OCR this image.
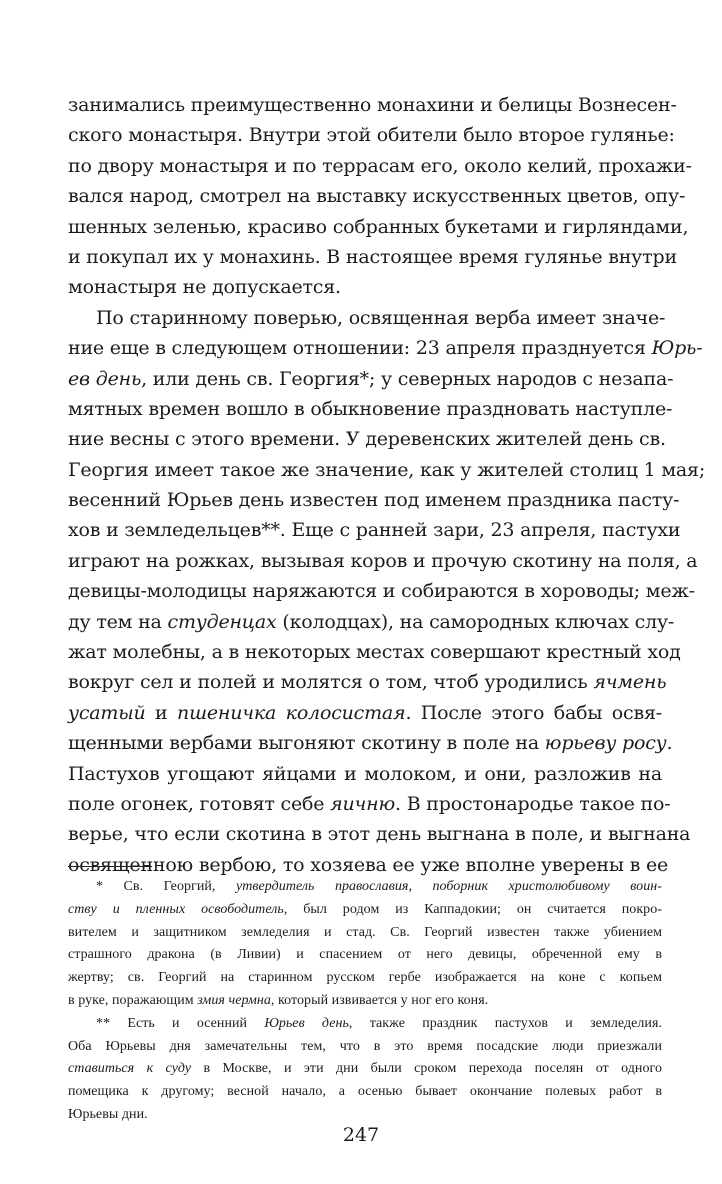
занимались преимущественно монахини и белицы Вознесен-
ского монастыря. Внутри этой обители было второе гулянье:
по двору монастыря и по террасам его, около келий, прохажи-
вался народ, смотрел на выставку искусственных цветов, опу-
шенных зеленью, красиво собранных букетами и гирляндами,
и покупал их у монахинь. В настоящее время гулянье внутри
монастыря не допускается.
По старинному поверью, освященная верба имеет значе-
ние еще в следующем отношении: 23 апреля празднуется Юрь-
ев день, или день св. Георгия*; у северных народов с незапа-
мятных времен вошло в обыкновение праздновать наступле-
ние весны с этого времени. У деревенских жителей день св.
Георгия имеет такое же значение, как у жителей столиц 1 мая;
весенний Юрьев день известен под именем праздника пасту-
хов и земледельцев**. Еще с ранней зари, 23 апреля, пастухи
играют на рожках, вызывая коров и прочую скотину на поля, а
девицы-молодицы наряжаются и собираются в хороводы; меж-
ду тем на студенцах (колодцах), на самородных ключах слу-
жат молебны, а в некоторых местах совершают крестный ход
вокруг сел и полей и молятся о том, чтоб уродились ячмень
усатый и пшеничка колосистая. После этого бабы освя-
щенными вербами выгоняют скотину в поле на юрьеву росу.
Пастухов угощают яйцами и молоком, и они, разложив на
поле огонек, готовят себе яичню. В простонародье такое по-
верье, что если скотина в этот день выгнана в поле, и выгнана
освященною вербою, то хозяева ее уже вполне уверены в ее
* Св. Георгий, утвердитель православия, поборник христолюбивому воин-
ству и пленных освободитель, был родом из Каппадокии; он считается покро-
вителем и защитником земледелия и стад. Св. Георгий известен также убиением
страшного дракона (в Ливии) и спасением от него девицы, обреченной ему в
жертву; св. Георгий на старинном русском гербе изображается на коне с копьем
в руке, поражающим змия чермна, который извивается у ног его коня.
** Есть и осенний Юрьев день, также праздник пастухов и земледелия.
Оба Юрьевы дня замечательны тем, что в это время посадские люди приезжали
ставиться к суду в Москве, и эти дни были сроком перехода поселян от одного
помещика к другому; весной начало, а осенью бывает окончание полевых работ в
Юрьевы дни.
247
